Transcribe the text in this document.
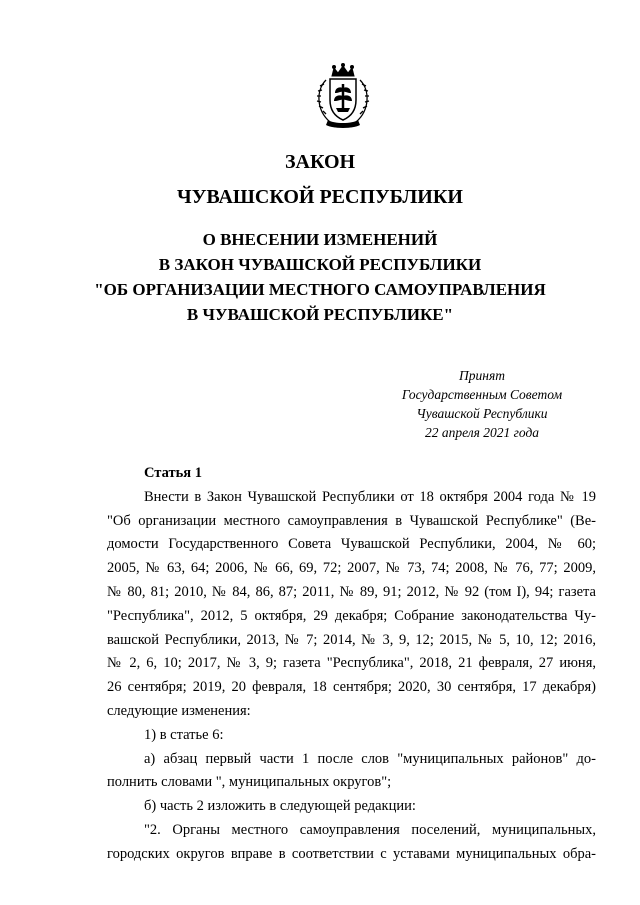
ЗАКОН
ЧУВАШСКОЙ РЕСПУБЛИКИ
О ВНЕСЕНИИ ИЗМЕНЕНИЙ
В ЗАКОН ЧУВАШСКОЙ РЕСПУБЛИКИ
"ОБ ОРГАНИЗАЦИИ МЕСТНОГО САМОУПРАВЛЕНИЯ
В ЧУВАШСКОЙ РЕСПУБЛИКЕ"
Принят
Государственным Советом
Чувашской Республики
22 апреля 2021 года
Статья 1
Внести в Закон Чувашской Республики от 18 октября 2004 года № 19
"Об организации местного самоуправления в Чувашской Республике" (Ве-
домости Государственного Совета Чувашской Республики, 2004, № 60;
2005, № 63, 64; 2006, № 66, 69, 72; 2007, № 73, 74; 2008, № 76, 77; 2009,
№ 80, 81; 2010, № 84, 86, 87; 2011, № 89, 91; 2012, № 92 (том I), 94; газета
"Республика", 2012, 5 октября, 29 декабря; Собрание законодательства Чу-
вашской Республики, 2013, № 7; 2014, № 3, 9, 12; 2015, № 5, 10, 12; 2016,
№ 2, 6, 10; 2017, № 3, 9; газета "Республика", 2018, 21 февраля, 27 июня,
26 сентября; 2019, 20 февраля, 18 сентября; 2020, 30 сентября, 17 декабря)
следующие изменения:
1) в статье 6:
а) абзац первый части 1 после слов "муниципальных районов" до-
полнить словами ", муниципальных округов";
б) часть 2 изложить в следующей редакции:
"2. Органы местного самоуправления поселений, муниципальных,
городских округов вправе в соответствии с уставами муниципальных обра-
